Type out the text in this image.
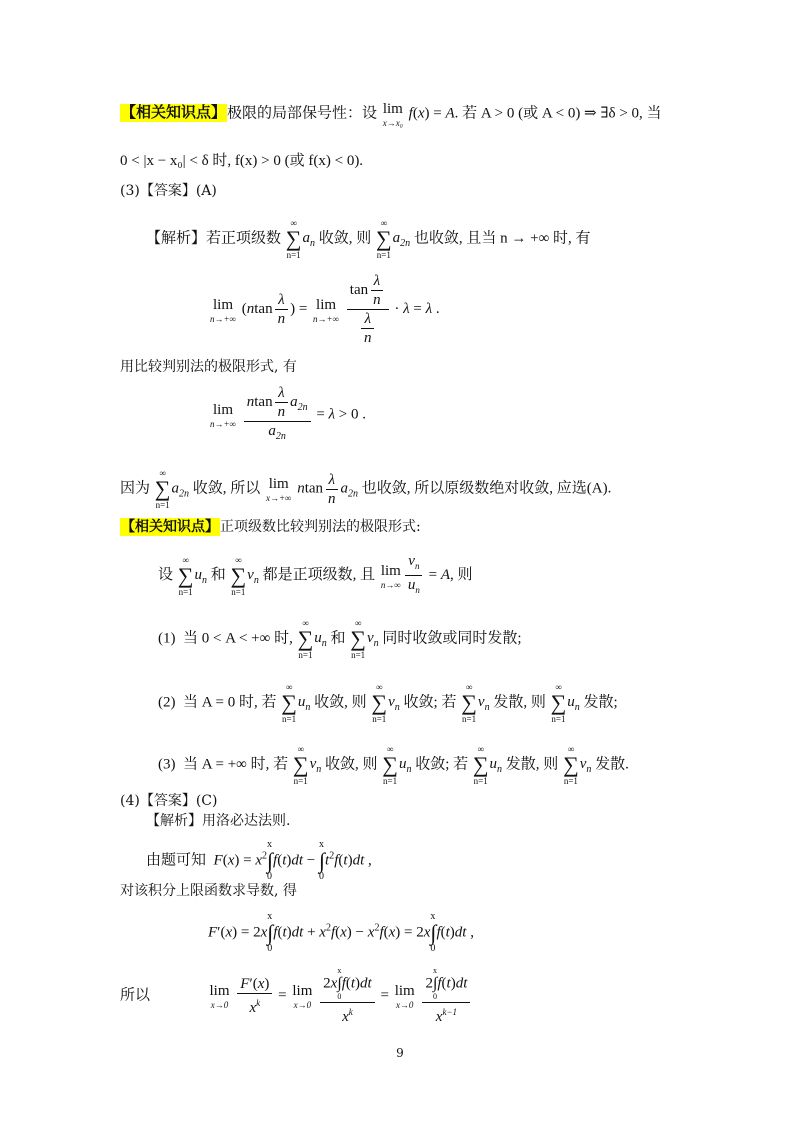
【相关知识点】极限的局部保号性：设 lim
x→x₀
f(x) = A. 若 A > 0 (或 A < 0) ⇒ ∃δ > 0, 当
0 < |x − x₀| < δ 时, f(x) > 0 (或 f(x) < 0).
(3)【答案】(A)
【解析】若正项级数
∞
∑
n=1
$a_n$ 收敛, 则
∞
∑
n=1
$a_{2n}$ 也收敛, 且当 n → +∞ 时, 有
lim
n→+∞
($ntan \frac{\lambda}{n}$ ) = lim
n→+∞
$\frac{\tan \frac{\lambda}{n}}{\frac{\lambda}{n}} \cdot \lambda = \lambda$ .
用比较判别法的极限形式, 有
lim
n→+∞
$\frac{ntan \frac{\lambda}{n} a_{2n}}{a_{2n}} = \lambda > 0$ .
因为
∞
∑
n=1
$a_{2n}$ 收敛, 所以 lim
x→+∞
ntan $\frac{\lambda}{n} a_{2n}$ 也收敛, 所以原级数绝对收敛, 应选(A).
【相关知识点】正项级数比较判别法的极限形式:
设
∞
∑
n=1
$u_n$ 和
∞
∑
n=1
$v_n$ 都是正项级数, 且 lim
$n\to\infty \frac{v_n}{u_n} = A$, 则
(1) 当 0 < A < +∞ 时,
∞
∑
n=1
$u_n$ 和
∞
∑
n=1
$v_n$ 同时收敛或同时发散;
(2) 当 A = 0 时, 若
∞
∑
n=1
$u_n$ 收敛, 则
∞
∑
n=1
$v_n$ 收敛; 若
∞
∑
n=1
$v_n$ 发散, 则
∞
∑
n=1
$u_n$ 发散;
(3) 当 A = +∞ 时, 若
∞
∑
n=1
$v_n$ 收敛, 则
∞
∑
n=1
$u_n$ 收敛; 若
∞
∑
n=1
$u_n$ 发散, 则
∞
∑
n=1
$v_n$ 发散.
(4)【答案】(C)
【解析】用洛必达法则.
由题可知 $F(x) = x^2$
x
∫
0
f(t)dt −
x
∫
0
$t^2f(t)dt$ ,
对该积分上限函数求导数, 得
F′(x) = 2x
x
∫
0
$f(t)dt + x^2f(x) - x^2f(x) = 2x$
x
∫
0
f(t)dt ,
所以	lim
x→0
$\frac{F'(x)}{x^k} = \lim$
x→0
2x
x
∫
0
f(t)dt
$x^k = \lim$
x→0
2
x
∫
0
f(t)dt
$x^{k-1}$
9
